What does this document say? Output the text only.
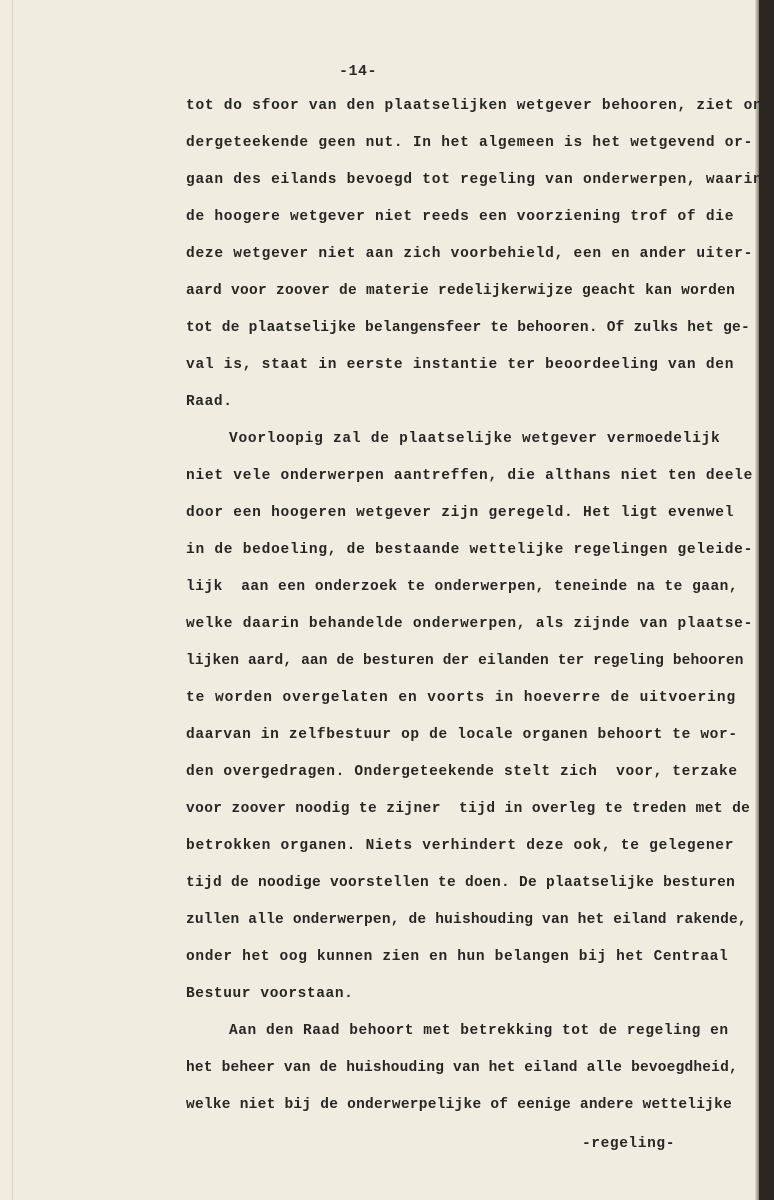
-14-
tot do sfoor van den plaatselijken wetgever behooren, ziet on-
dergeteekende geen nut. In het algemeen is het wetgevend or-
gaan des eilands bevoegd tot regeling van onderwerpen, waarin
de hoogere wetgever niet reeds een voorziening trof of die
deze wetgever niet aan zich voorbehield, een en ander uiter-
aard voor zoover de materie redelijkerwijze geacht kan worden
tot de plaatselijke belangensfeer te behooren. Of zulks het ge-
val is, staat in eerste instantie ter beoordeeling van den
Raad.
Voorloopig zal de plaatselijke wetgever vermoedelijk
niet vele onderwerpen aantreffen, die althans niet ten deele
door een hoogeren wetgever zijn geregeld. Het ligt evenwel
in de bedoeling, de bestaande wettelijke regelingen geleide-
lijk  aan een onderzoek te onderwerpen, teneinde na te gaan,
welke daarin behandelde onderwerpen, als zijnde van plaatse-
lijken aard, aan de besturen der eilanden ter regeling behooren
te worden overgelaten en voorts in hoeverre de uitvoering
daarvan in zelfbestuur op de locale organen behoort te wor-
den overgedragen. Ondergeteekende stelt zich  voor, terzake
voor zoover noodig te zijner  tijd in overleg te treden met de
betrokken organen. Niets verhindert deze ook, te gelegener
tijd de noodige voorstellen te doen. De plaatselijke besturen
zullen alle onderwerpen, de huishouding van het eiland rakende,
onder het oog kunnen zien en hun belangen bij het Centraal
Bestuur voorstaan.
Aan den Raad behoort met betrekking tot de regeling en
het beheer van de huishouding van het eiland alle bevoegdheid,
welke niet bij de onderwerpelijke of eenige andere wettelijke
-regeling-
